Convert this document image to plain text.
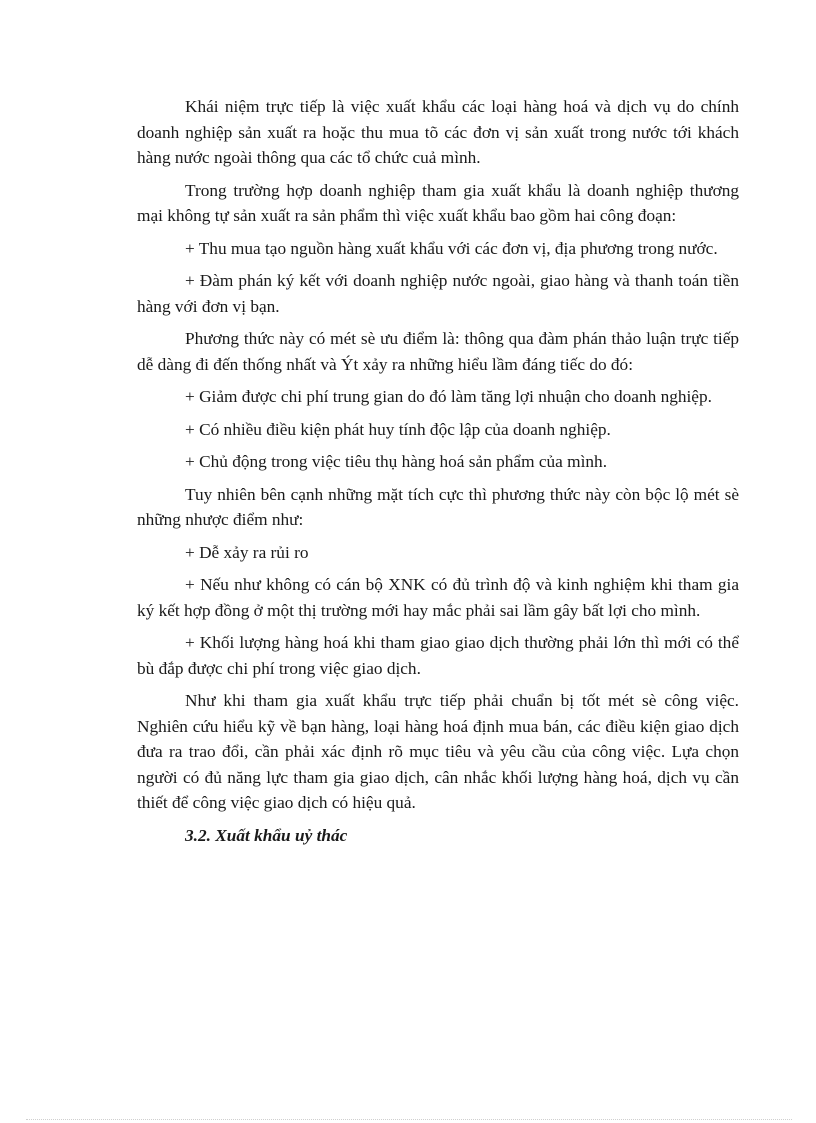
Khái niệm trực tiếp là việc xuất khẩu các loại hàng hoá và dịch vụ do chính doanh nghiệp sản xuất ra hoặc thu mua tõ các đơn vị sản xuất trong nước tới khách hàng nước ngoài thông qua các tổ chức cuả mình.

Trong trường hợp doanh nghiệp tham gia xuất khẩu là doanh nghiệp thương mại không tự sản xuất ra sản phẩm thì việc xuất khẩu bao gồm hai công đoạn:

+ Thu mua tạo nguồn hàng xuất khẩu với các đơn vị, địa phương trong nước.

+ Đàm phán ký kết với doanh nghiệp nước ngoài, giao hàng và thanh toán tiền hàng với đơn vị bạn.

Phương thức này có mét sè ưu điểm là: thông qua đàm phán thảo luận trực tiếp dễ dàng đi đến thống nhất và Ýt xảy ra những hiểu lầm đáng tiếc do đó:

+ Giảm được chi phí trung gian do đó làm tăng lợi nhuận cho doanh nghiệp.

+ Có nhiều điều kiện phát huy tính độc lập của doanh nghiệp.

+ Chủ động trong việc tiêu thụ hàng hoá sản phẩm của mình.

Tuy nhiên bên cạnh những mặt tích cực thì phương thức này còn bộc lộ mét sè những nhược điểm như:

+ Dễ xảy ra rủi ro

+ Nếu như không có cán bộ XNK có đủ trình độ và kinh nghiệm khi tham gia ký kết hợp đồng ở một thị trường mới hay mắc phải sai lầm gây bất lợi cho mình.

+ Khối lượng hàng hoá khi tham giao giao dịch thường phải lớn thì mới có thể bù đắp được chi phí trong việc giao dịch.

Như khi tham gia xuất khẩu trực tiếp phải chuẩn bị tốt mét sè công việc. Nghiên cứu hiểu kỹ về bạn hàng, loại hàng hoá định mua bán, các điều kiện giao dịch đưa ra trao đổi, cần phải xác định rõ mục tiêu và yêu cầu của công việc. Lựa chọn người có đủ năng lực tham gia giao dịch, cân nhắc khối lượng hàng hoá, dịch vụ cần thiết để công việc giao dịch có hiệu quả.

3.2. Xuất khẩu uỷ thác
